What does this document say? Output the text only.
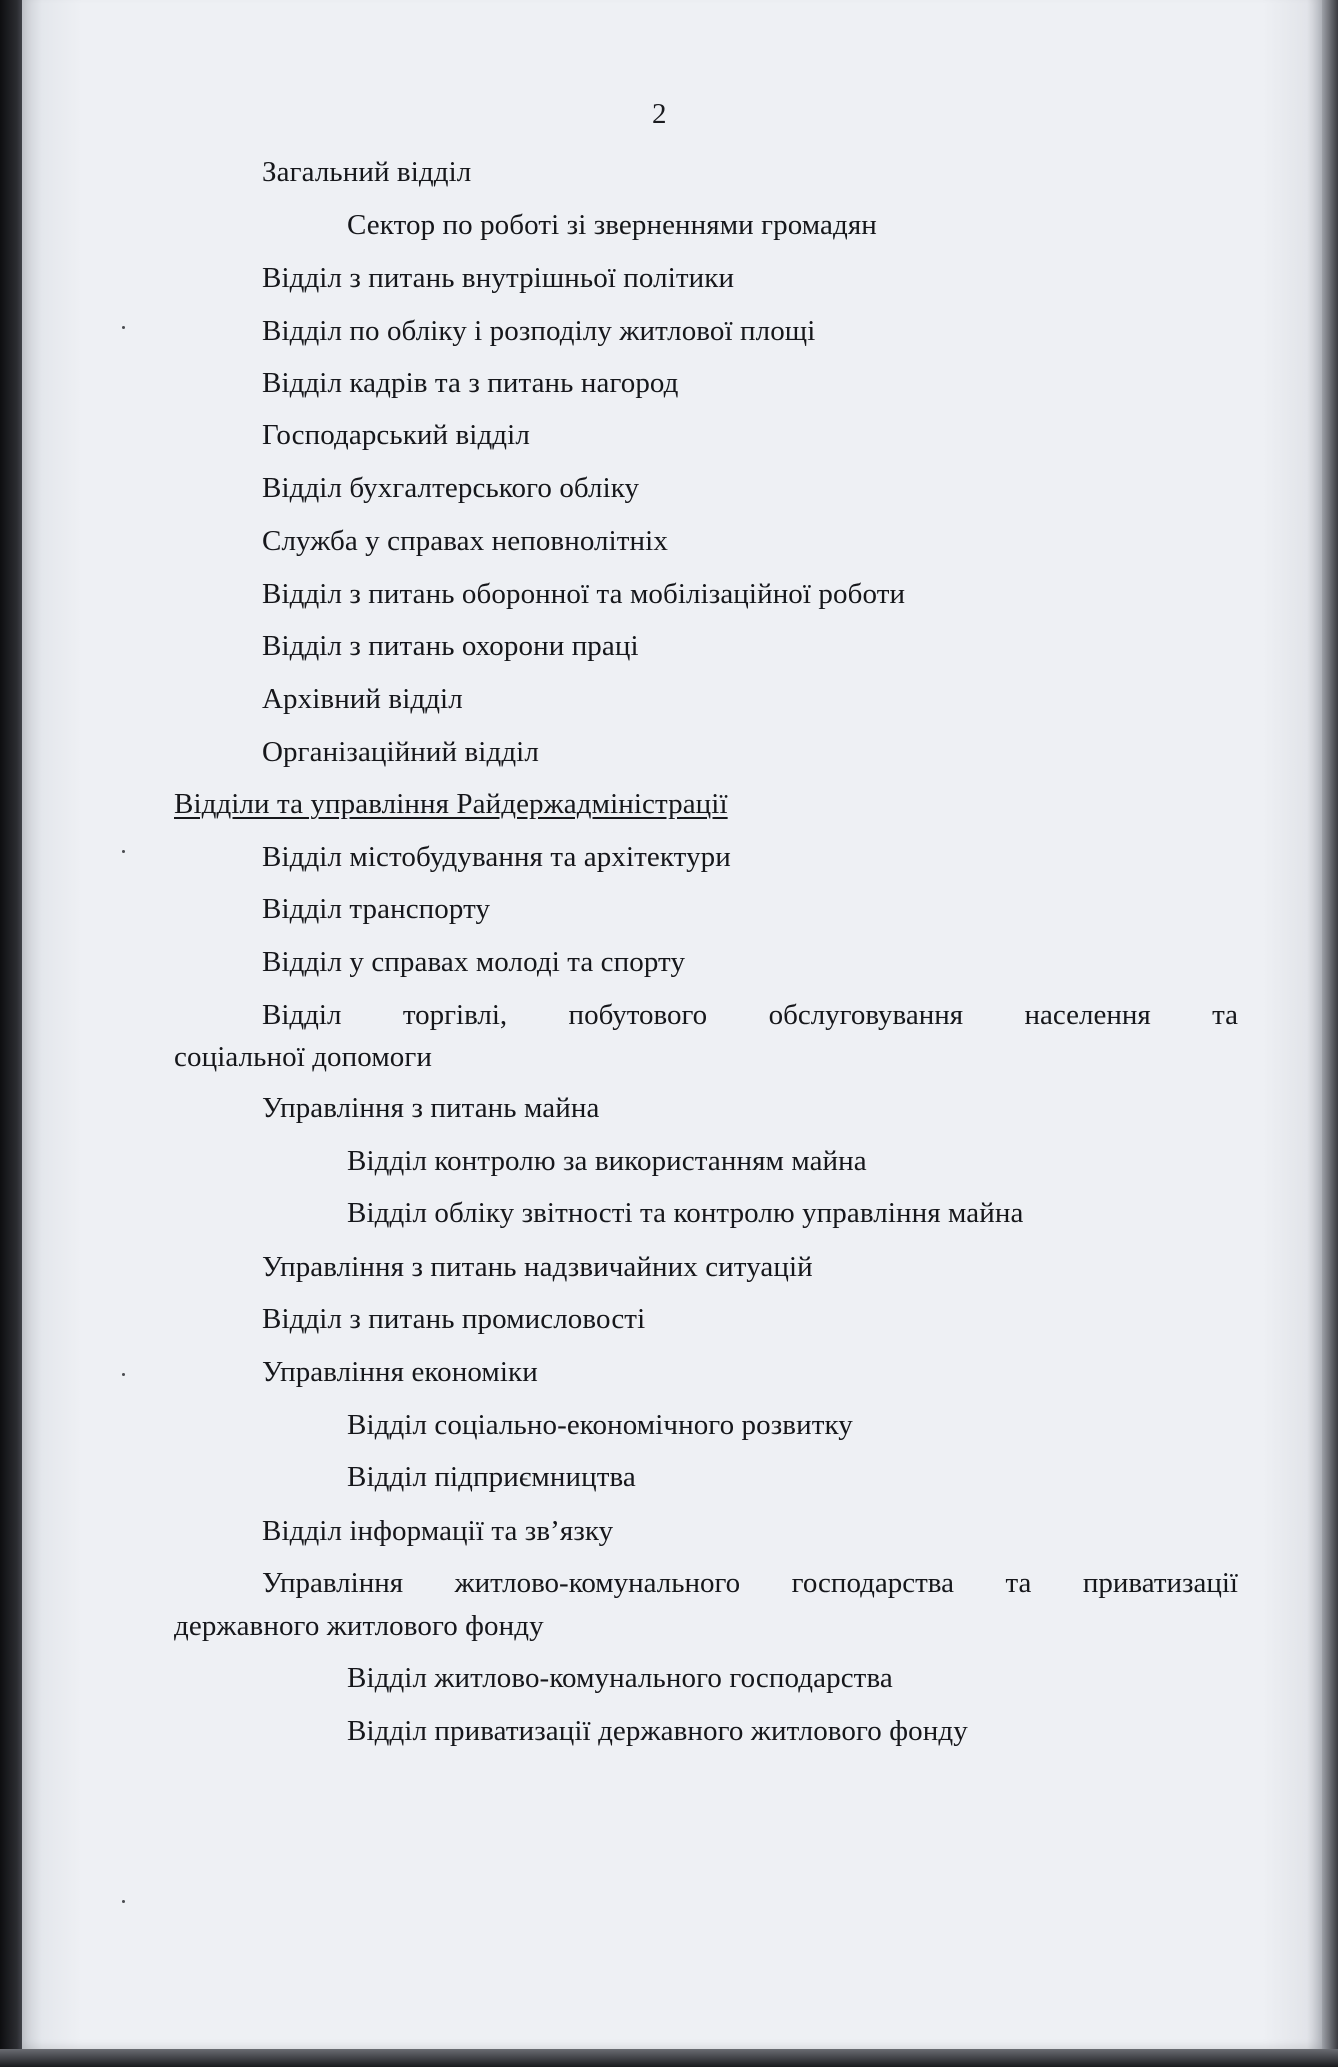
2
Загальний відділ
Сектор по роботі зі зверненнями громадян
Відділ з питань внутрішньої політики
Відділ по обліку і розподілу житлової площі
Відділ кадрів та з питань нагород
Господарський відділ
Відділ бухгалтерського обліку
Служба у справах неповнолітніх
Відділ з питань оборонної та мобілізаційної роботи
Відділ з питань охорони праці
Архівний відділ
Організаційний відділ
Відділи та управління Райдержадміністрації
Відділ містобудування та архітектури
Відділ транспорту
Відділ у справах молоді та спорту
Відділ торгівлі, побутового обслуговування населення та
соціальної допомоги
Управління з питань майна
Відділ контролю за використанням майна
Відділ обліку звітності та контролю управління майна
Управління з питань надзвичайних ситуацій
Відділ з питань промисловості
Управління економіки
Відділ соціально-економічного розвитку
Відділ підприємництва
Відділ інформації та зв’язку
Управління житлово-комунального господарства та приватизації
державного житлового фонду
Відділ житлово-комунального господарства
Відділ приватизації державного житлового фонду
